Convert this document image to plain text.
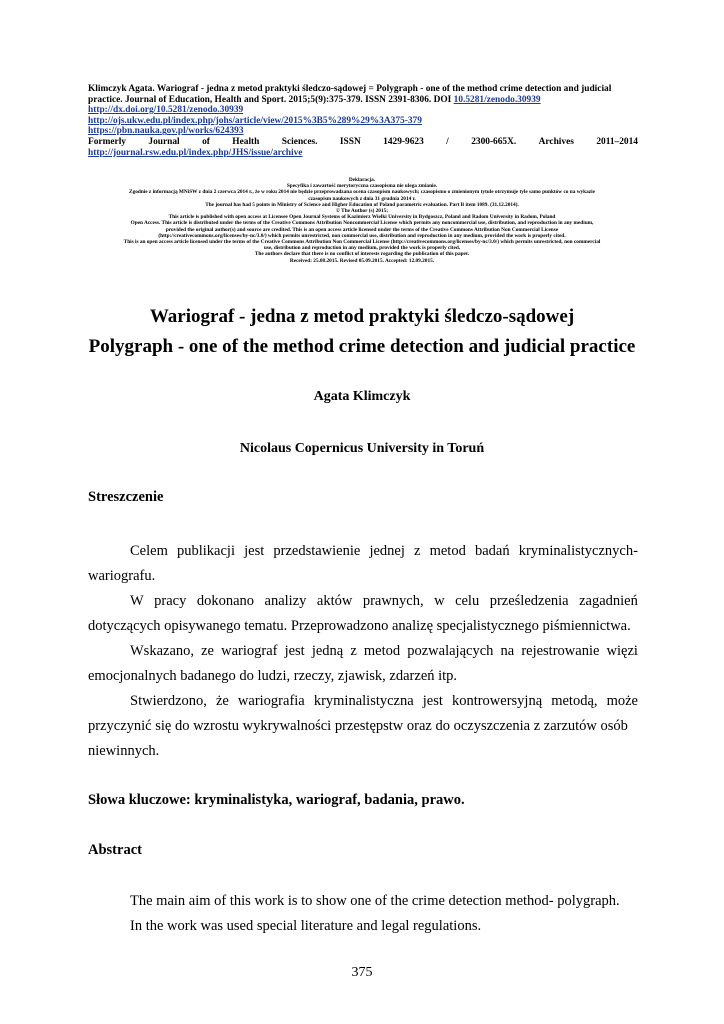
Klimczyk Agata. Wariograf - jedna z metod praktyki śledczo-sądowej = Polygraph - one of the method crime detection and judicial
practice. Journal of Education, Health and Sport. 2015;5(9):375-379. ISSN 2391-8306. DOI 10.5281/zenodo.30939
http://dx.doi.org/10.5281/zenodo.30939
http://ojs.ukw.edu.pl/index.php/johs/article/view/2015%3B5%289%29%3A375-379
https://pbn.nauka.gov.pl/works/624393
Formerly Journal of Health Sciences. ISSN 1429-9623 / 2300-665X. Archives 2011–2014
http://journal.rsw.edu.pl/index.php/JHS/issue/archive
Deklaracja.
Specyfika i zawartość merytoryczna czasopisma nie ulega zmianie.
Zgodnie z informacją MNiSW z dnia 2 czerwca 2014 r., że w roku 2014 nie będzie przeprowadzana ocena czasopism naukowych; czasopismo o zmienionym tytule otrzymuje tyle samo punktów co na wykazie
czasopism naukowych z dnia 31 grudnia 2014 r.
The journal has had 5 points in Ministry of Science and Higher Education of Poland parametric evaluation. Part B item 1089. (31.12.2014).
© The Author (s) 2015;
This article is published with open access at Licensee Open Journal Systems of Kazimierz Wielki University in Bydgoszcz, Poland and Radom University in Radom, Poland
Open Access. This article is distributed under the terms of the Creative Commons Attribution Noncommercial License which permits any noncommercial use, distribution, and reproduction in any medium,
provided the original author(s) and source are credited. This is an open access article licensed under the terms of the Creative Commons Attribution Non Commercial License
(http://creativecommons.org/licenses/by-nc/3.0/) which permits unrestricted, non commercial use, distribution and reproduction in any medium, provided the work is properly cited.
This is an open access article licensed under the terms of the Creative Commons Attribution Non Commercial License (http://creativecommons.org/licenses/by-nc/3.0/) which permits unrestricted, non commercial
use, distribution and reproduction in any medium, provided the work is properly cited.
The authors declare that there is no conflict of interests regarding the publication of this paper.
Received: 25.08.2015. Revised 05.09.2015. Accepted: 12.09.2015.
Wariograf - jedna z metod praktyki śledczo-sądowej
Polygraph - one of the method crime detection and judicial practice
Agata Klimczyk
Nicolaus Copernicus University in Toruń
Streszczenie
Celem publikacji jest przedstawienie jednej z metod badań kryminalistycznych-
wariografu.
W pracy dokonano analizy aktów prawnych, w celu prześledzenia zagadnień
dotyczących opisywanego tematu. Przeprowadzono analizę specjalistycznego piśmiennictwa.
Wskazano, ze wariograf jest jedną z metod pozwalających na rejestrowanie więzi
emocjonalnych badanego do ludzi, rzeczy, zjawisk, zdarzeń itp.
Stwierdzono, że wariografia kryminalistyczna jest kontrowersyjną metodą, może
przyczynić się do wzrostu wykrywalności przestępstw oraz do oczyszczenia z zarzutów osób
niewinnych.
Słowa kluczowe: kryminalistyka, wariograf, badania, prawo.
Abstract
The main aim of this work is to show one of the crime detection method- polygraph.
In the work was used special literature and legal regulations.
375
